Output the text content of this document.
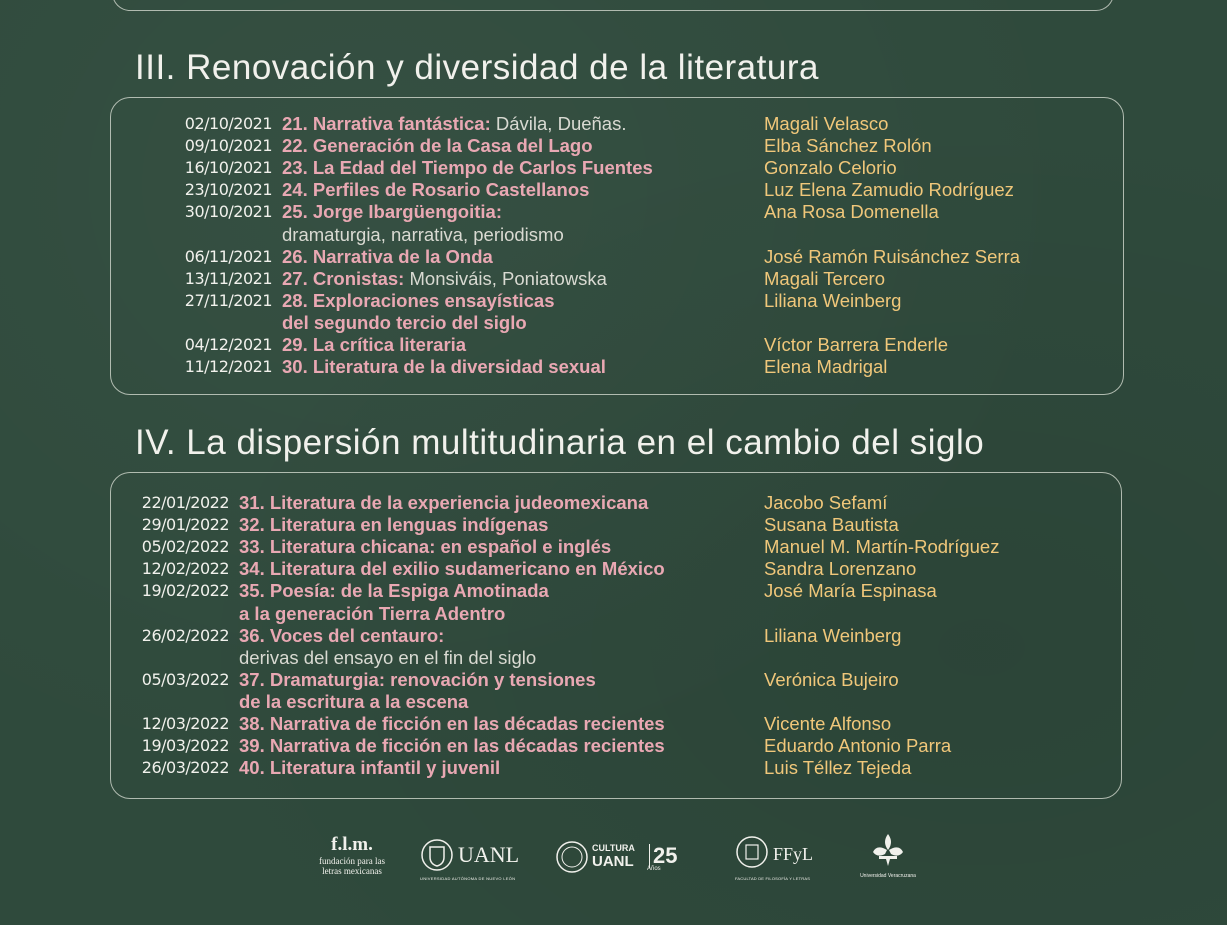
III. Renovación y diversidad de la literatura
02/10/2021 21. Narrativa fantástica: Dávila, Dueñas.	Magali Velasco
09/10/2021 22. Generación de la Casa del Lago	Elba Sánchez Rolón
16/10/2021 23. La Edad del Tiempo de Carlos Fuentes	Gonzalo Celorio
23/10/2021 24. Perfiles de Rosario Castellanos	Luz Elena Zamudio Rodríguez
30/10/2021 25. Jorge Ibargüengoitia:	Ana Rosa Domenella
dramaturgia, narrativa, periodismo
06/11/2021 26. Narrativa de la Onda	José Ramón Ruisánchez Serra
13/11/2021 27. Cronistas: Monsiváis, Poniatowska	Magali Tercero
27/11/2021 28. Exploraciones ensayísticas	Liliana Weinberg
del segundo tercio del siglo
04/12/2021 29. La crítica literaria	Víctor Barrera Enderle
11/12/2021 30. Literatura de la diversidad sexual	Elena Madrigal
IV. La dispersión multitudinaria en el cambio del siglo
22/01/2022 31. Literatura de la experiencia judeomexicana	Jacobo Sefamí
29/01/2022 32. Literatura en lenguas indígenas	Susana Bautista
05/02/2022 33. Literatura chicana: en español e inglés	Manuel M. Martín-Rodríguez
12/02/2022 34. Literatura del exilio sudamericano en México	Sandra Lorenzano
19/02/2022 35. Poesía: de la Espiga Amotinada	José María Espinasa
a la generación Tierra Adentro
26/02/2022 36. Voces del centauro:	Liliana Weinberg
derivas del ensayo en el fin del siglo
05/03/2022 37. Dramaturgia: renovación y tensiones	Verónica Bujeiro
de la escritura a la escena
12/03/2022 38. Narrativa de ficción en las décadas recientes	Vicente Alfonso
19/03/2022 39. Narrativa de ficción en las décadas recientes	Eduardo Antonio Parra
26/03/2022 40. Literatura infantil y juvenil	Luis Téllez Tejeda
f.l.m.
fundación para las
letras mexicanas
UANL
UNIVERSIDAD AUTÓNOMA DE NUEVO LEÓN
CULTURA
UANL 25
Años
FFyL
FACULTAD DE FILOSOFÍA Y LETRAS	Universidad Veracruzana
